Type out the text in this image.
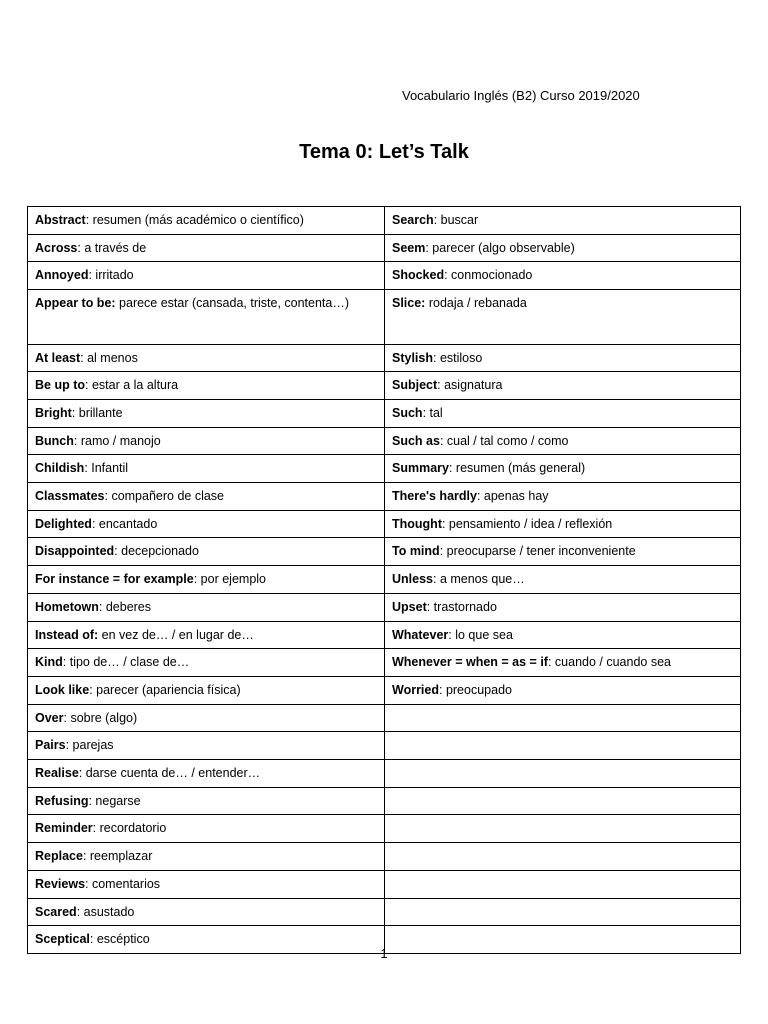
Vocabulario Inglés (B2) Curso 2019/2020
Tema 0: Let’s Talk
Abstract: resumen (más académico o científico)	Search: buscar
Across: a través de	Seem: parecer (algo observable)
Annoyed: irritado	Shocked: conmocionado
Appear to be: parece estar (cansada, triste, contenta…)	Slice: rodaja / rebanada
At least: al menos	Stylish: estiloso
Be up to: estar a la altura	Subject: asignatura
Bright: brillante	Such: tal
Bunch: ramo / manojo	Such as: cual / tal como / como
Childish: Infantil	Summary: resumen (más general)
Classmates: compañero de clase	There's hardly: apenas hay
Delighted: encantado	Thought: pensamiento / idea / reflexión
Disappointed: decepcionado	To mind: preocuparse / tener inconveniente
For instance = for example: por ejemplo	Unless: a menos que…
Hometown: deberes	Upset: trastornado
Instead of: en vez de… / en lugar de…	Whatever: lo que sea
Kind: tipo de… / clase de…	Whenever = when = as = if: cuando / cuando sea
Look like: parecer (apariencia física)	Worried: preocupado
Over: sobre (algo)	
Pairs: parejas	
Realise: darse cuenta de… / entender…	
Refusing: negarse	
Reminder: recordatorio	
Replace: reemplazar	
Reviews: comentarios	
Scared: asustado	
Sceptical: escéptico	
1
